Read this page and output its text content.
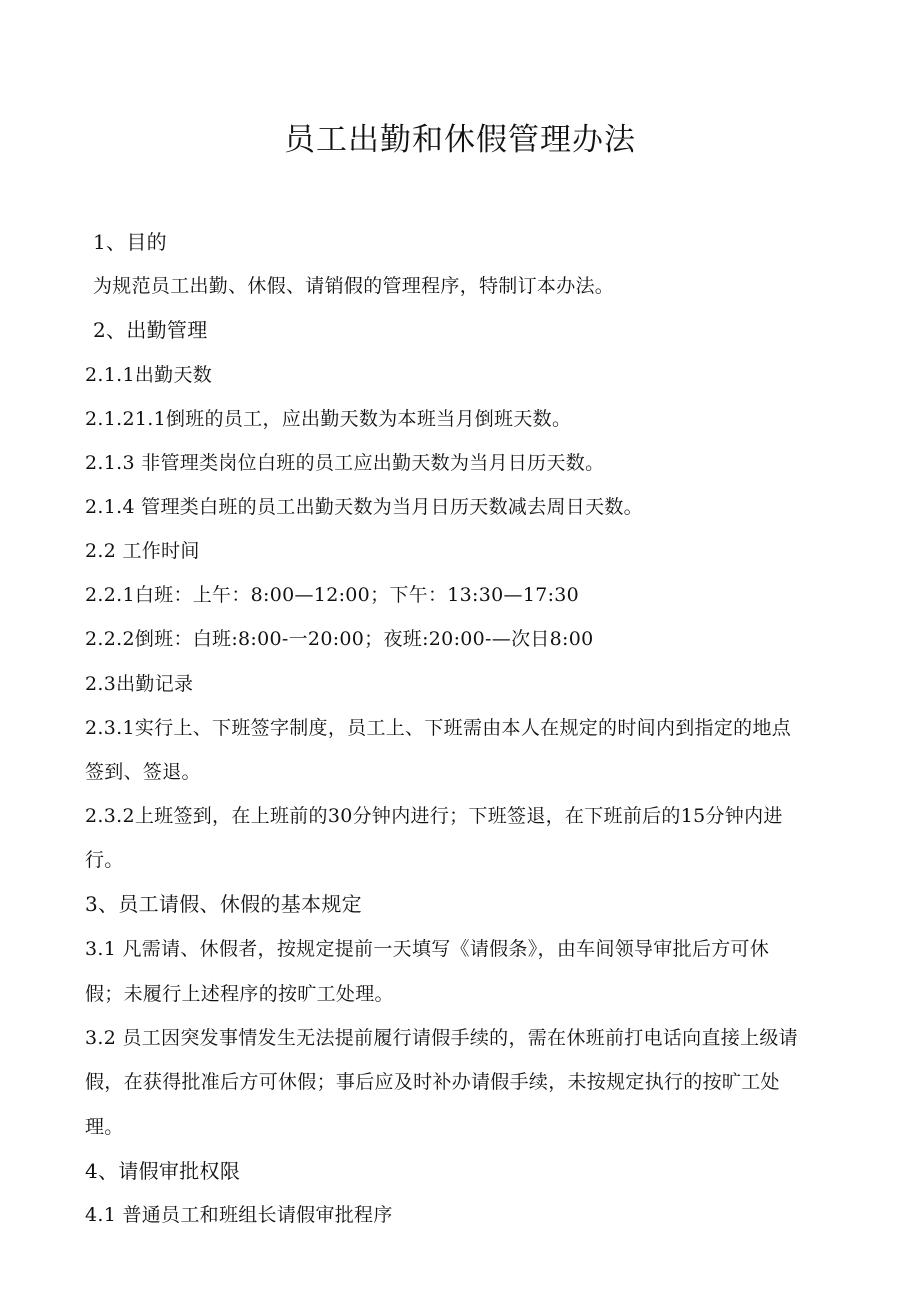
员工出勤和休假管理办法

1、目的

为规范员工出勤、休假、请销假的管理程序，特制订本办法。

2、出勤管理

2.1.1出勤天数

2.1.21.1倒班的员工，应出勤天数为本班当月倒班天数。

2.1.3 非管理类岗位白班的员工应出勤天数为当月日历天数。

2.1.4 管理类白班的员工出勤天数为当月日历天数减去周日天数。

2.2 工作时间

2.2.1白班：上午：8:00—12:00；下午：13:30—17:30

2.2.2倒班：白班:8:00-一20:00；夜班:20:00-—次日8:00

2.3出勤记录

2.3.1实行上、下班签字制度，员工上、下班需由本人在规定的时间内到指定的地点

签到、签退。

2.3.2上班签到，在上班前的30分钟内进行；下班签退，在下班前后的15分钟内进

行。

3、员工请假、休假的基本规定

3.1 凡需请、休假者，按规定提前一天填写《请假条》，由车间领导审批后方可休

假；未履行上述程序的按旷工处理。

3.2 员工因突发事情发生无法提前履行请假手续的，需在休班前打电话向直接上级请

假，在获得批准后方可休假；事后应及时补办请假手续，未按规定执行的按旷工处

理。

4、请假审批权限

4.1 普通员工和班组长请假审批程序
